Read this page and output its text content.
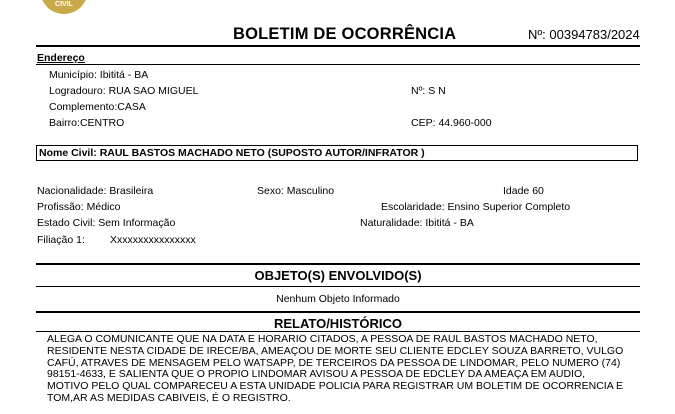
CIVIL
BOLETIM DE OCORRÊNCIA	Nº: 00394783/2024
Endereço
Município: Ibititá - BA
Logradouro: RUA SAO MIGUEL	Nº: S N
Complemento:CASA
Bairro:CENTRO	CEP: 44.960-000
Nome Civil: RAUL BASTOS MACHADO NETO (SUPOSTO AUTOR/INFRATOR )
Nacionalidade: Brasileira	Sexo: Masculino	Idade 60
Profissão: Médico	Escolaridade: Ensino Superior Completo
Estado Civil: Sem Informação	Naturalidade: Ibititá - BA
Filiação 1: Xxxxxxxxxxxxxxxx
OBJETO(S) ENVOLVIDO(S)
Nenhum Objeto Informado
RELATO/HISTÓRICO

ALEGA O COMUNICANTE QUE NA DATA E HORARIO CITADOS, A PESSOA DE RAUL BASTOS MACHADO NETO,

RESIDENTE NESTA CIDADE DE IRECE/BA, AMEAÇOU DE MORTE SEU CLIENTE EDCLEY SOUZA BARRETO, VULGO

CAFÚ, ATRAVES DE MENSAGEM PELO WATSAPP, DE TERCEIROS DA PESSOA DE LINDOMAR, PELO NUMERO (74)

98151-4633, E SALIENTA QUE O PROPIO LINDOMAR AVISOU A PESSOA DE EDCLEY DA AMEAÇA EM AUDIO,

MOTIVO PELO QUAL COMPARECEU A ESTA UNIDADE POLICIA PARA REGISTRAR UM BOLETIM DE OCORRENCIA E

TOM,AR AS MEDIDAS CABIVEIS, É O REGISTRO.
